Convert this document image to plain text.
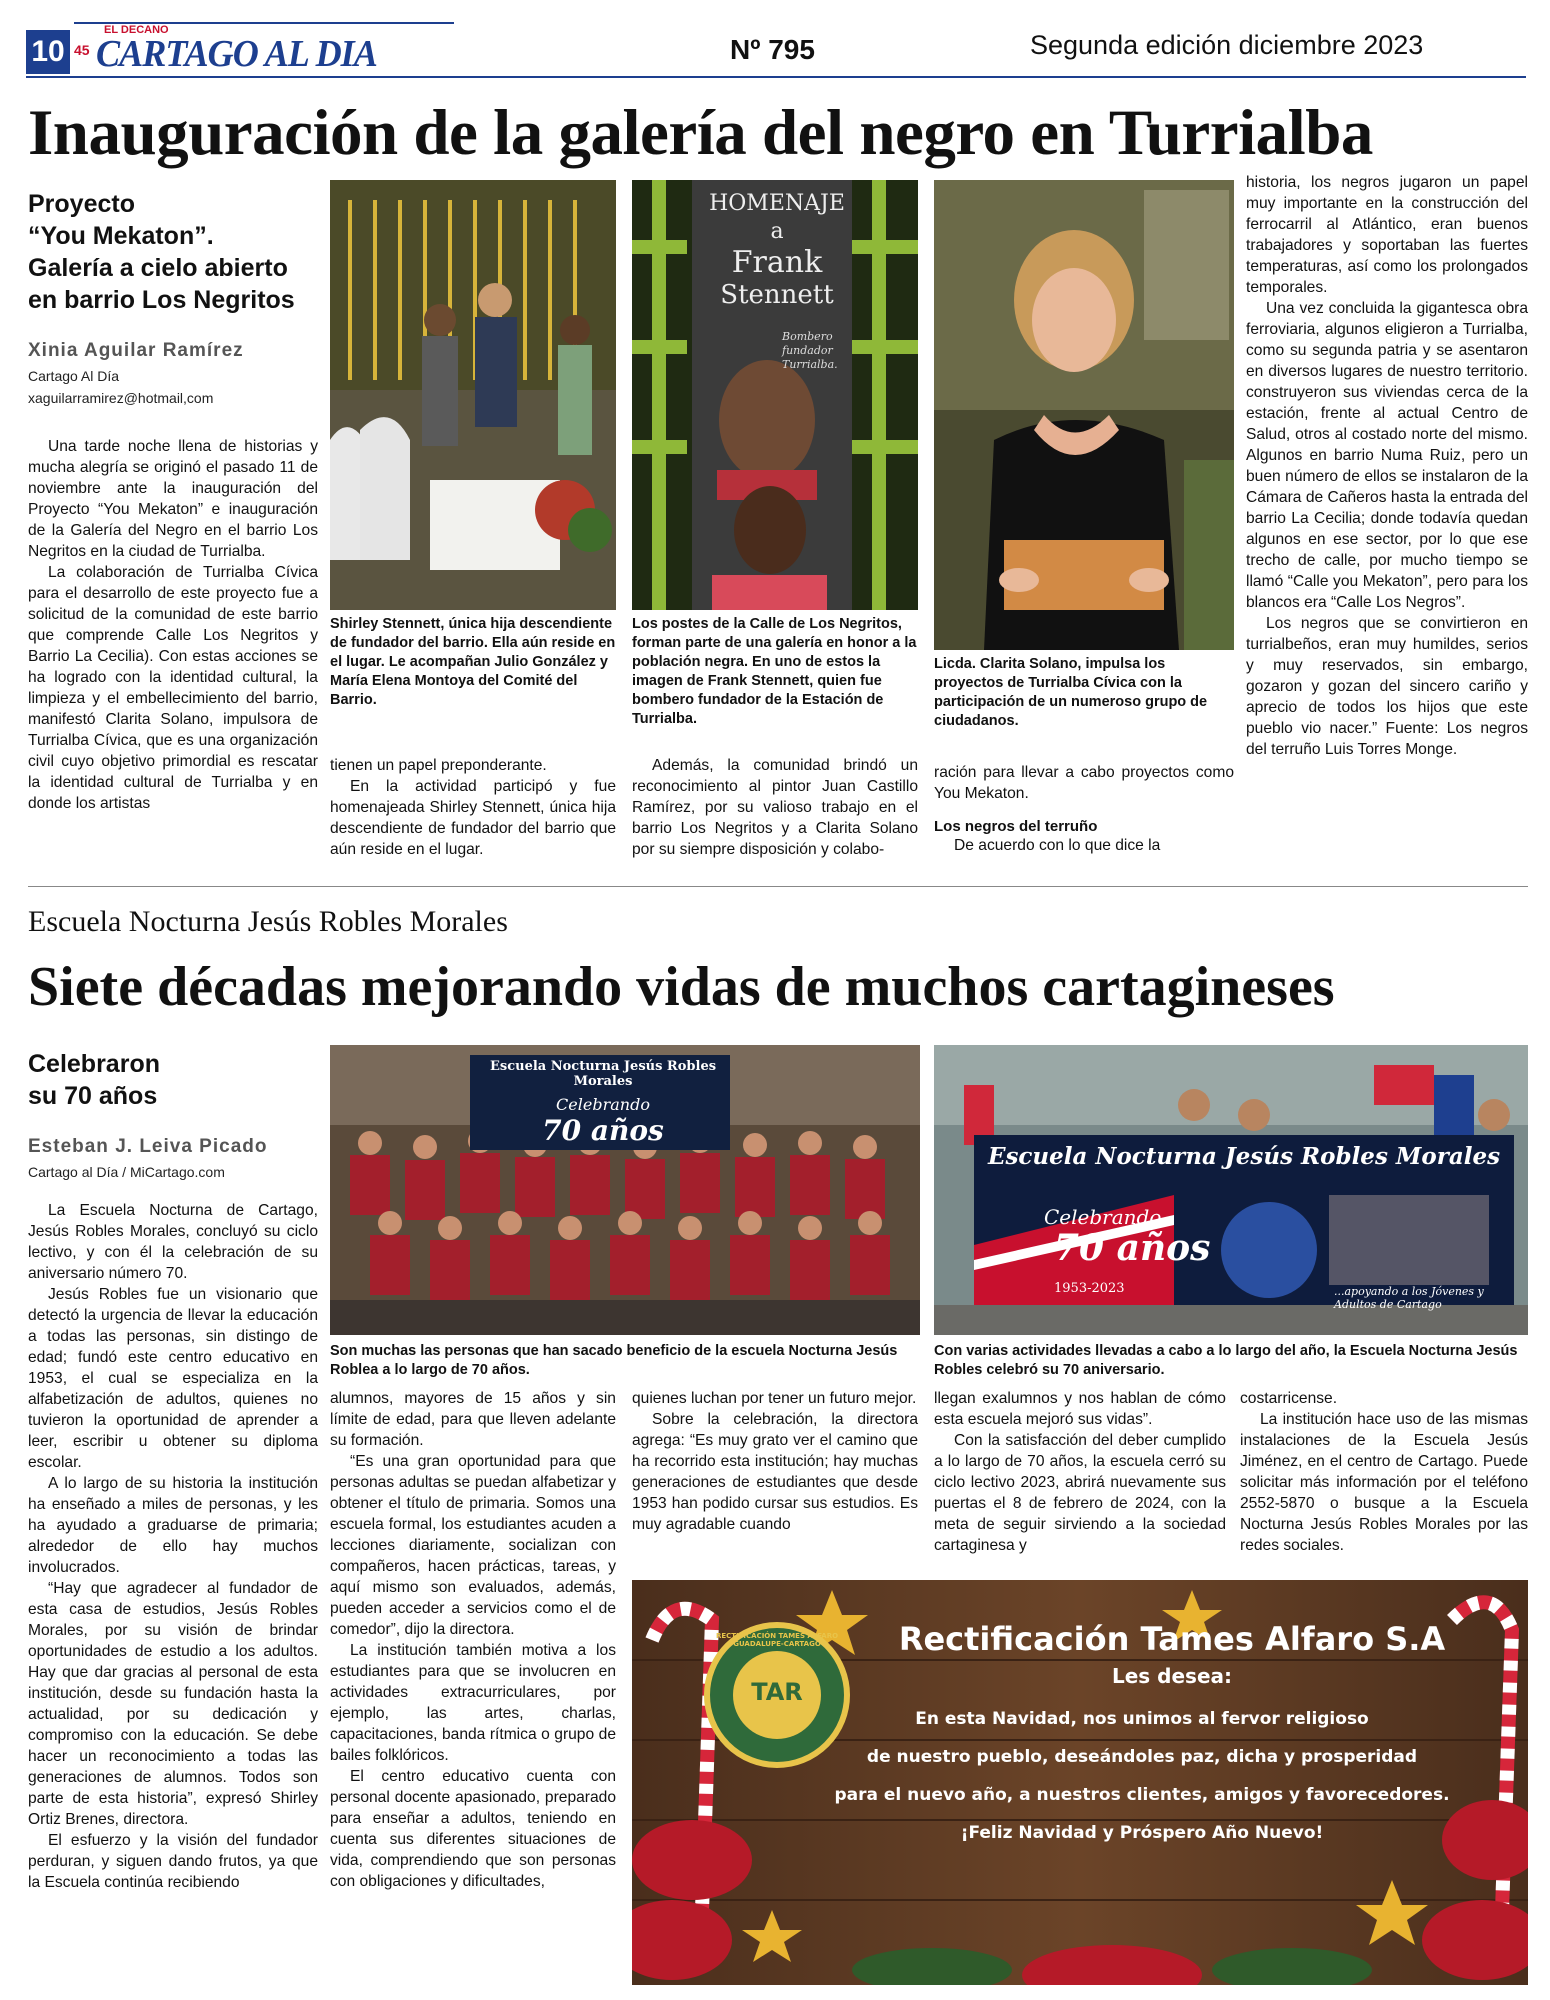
10
EL DECANO
45 CARTAGO AL DIA	Nº 795	Segunda edición diciembre 2023
Inauguración de la galería del negro en Turrialba
Proyecto
“You Mekaton”.
Galería a cielo abierto
en barrio Los Negritos
Xinia Aguilar Ramírez
Cartago Al Día
xaguilarramirez@hotmail,com

Una tarde noche llena de historias y mucha alegría se originó el pasado 11 de noviembre ante la inauguración del Proyecto “You Mekaton” e inauguración de la Galería del Negro en el barrio Los Negritos en la ciudad de Turrialba.

La colaboración de Turrialba Cívica para el desarrollo de este proyecto fue a solicitud de la comunidad de este barrio que comprende Calle Los Negritos y Barrio La Cecilia). Con estas acciones se ha logrado con la identidad cultural, la limpieza y el embellecimiento del barrio, manifestó Clarita Solano, impulsora de Turrialba Cívica, que es una organización civil cuyo objetivo primordial es rescatar la identidad cultural de Turrialba y en donde los artistas

Shirley Stennett, única hija descendiente de fundador del barrio. Ella aún reside en el lugar. Le acompañan Julio González y María Elena Montoya del Comité del Barrio.

tienen un papel preponderante.

En la actividad participó y fue homenajeada Shirley Stennett, única hija descendiente de fundador del barrio que aún reside en el lugar.

HOMENAJE
a
Frank
Stennett
Bombero
fundador
Turrialba.
Los postes de la Calle de Los Negritos, forman parte de una galería en honor a la población negra. En uno de estos la imagen de Frank Stennett, quien fue bombero fundador de la Estación de Turrialba.

Además, la comunidad brindó un reconocimiento al pintor Juan Castillo Ramírez, por su valioso trabajo en el barrio Los Negritos y a Clarita Solano por su siempre disposición y colabo-

Licda. Clarita Solano, impulsa los proyectos de Turrialba Cívica con la participación de un numeroso grupo de ciudadanos.

ración para llevar a cabo proyectos como You Mekaton.

Los negros del terruño

De acuerdo con lo que dice la

historia, los negros jugaron un papel muy importante en la construcción del ferrocarril al Atlántico, eran buenos trabajadores y soportaban las fuertes temperaturas, así como los prolongados temporales.

Una vez concluida la gigantesca obra ferroviaria, algunos eligieron a Turrialba, como su segunda patria y se asentaron en diversos lugares de nuestro territorio. construyeron sus viviendas cerca de la estación, frente al actual Centro de Salud, otros al costado norte del mismo. Algunos en barrio Numa Ruiz, pero un buen número de ellos se instalaron de la Cámara de Cañeros hasta la entrada del barrio La Cecilia; donde todavía quedan algunos en ese sector, por lo que ese trecho de calle, por mucho tiempo se llamó “Calle you Mekaton”, pero para los blancos era “Calle Los Negros”.

Los negros que se convirtieron en turrialbeños, eran muy humildes, serios y muy reservados, sin embargo, gozaron y gozan del sincero cariño y aprecio de todos los hijos que este pueblo vio nacer.” Fuente: Los negros del terruño Luis Torres Monge.

Escuela Nocturna Jesús Robles Morales
Siete décadas mejorando vidas de muchos cartagineses
Celebraron
su 70 años
Esteban J. Leiva Picado
Cartago al Día / MiCartago.com

La Escuela Nocturna de Cartago, Jesús Robles Morales, concluyó su ciclo lectivo, y con él la celebración de su aniversario número 70.

Jesús Robles fue un visionario que detectó la urgencia de llevar la educación a todas las personas, sin distingo de edad; fundó este centro educativo en 1953, el cual se especializa en la alfabetización de adultos, quienes no tuvieron la oportunidad de aprender a leer, escribir u obtener su diploma escolar.

A lo largo de su historia la institución ha enseñado a miles de personas, y les ha ayudado a graduarse de primaria; alrededor de ello hay muchos involucrados.

“Hay que agradecer al fundador de esta casa de estudios, Jesús Robles Morales, por su visión de brindar oportunidades de estudio a los adultos. Hay que dar gracias al personal de esta institución, desde su fundación hasta la actualidad, por su dedicación y compromiso con la educación. Se debe hacer un reconocimiento a todas las generaciones de alumnos. Todos son parte de esta historia”, expresó Shirley Ortiz Brenes, directora.

El esfuerzo y la visión del fundador perduran, y siguen dando frutos, ya que la Escuela continúa recibiendo

Escuela Nocturna Jesús Robles Morales
Celebrando
70 años
Son muchas las personas que han sacado beneficio de la escuela Nocturna Jesús Roblea a lo largo de 70 años.
Escuela Nocturna Jesús Robles Morales
Celebrando
70 años
1953-2023	...apoyando a los Jóvenes y Adultos de Cartago
Con varias actividades llevadas a cabo a lo largo del año, la Escuela Nocturna Jesús Robles celebró su 70 aniversario.

alumnos, mayores de 15 años y sin límite de edad, para que lleven adelante su formación.

“Es una gran oportunidad para que personas adultas se puedan alfabetizar y obtener el título de primaria. Somos una escuela formal, los estudiantes acuden a lecciones diariamente, socializan con compañeros, hacen prácticas, tareas, y aquí mismo son evaluados, además, pueden acceder a servicios como el de comedor”, dijo la directora.

La institución también motiva a los estudiantes para que se involucren en actividades extracurriculares, por ejemplo, las artes, charlas, capacitaciones, banda rítmica o grupo de bailes folklóricos.

El centro educativo cuenta con personal docente apasionado, preparado para enseñar a adultos, teniendo en cuenta sus diferentes situaciones de vida, comprendiendo que son personas con obligaciones y dificultades,

quienes luchan por tener un futuro mejor.

Sobre la celebración, la directora agrega: “Es muy grato ver el camino que ha recorrido esta institución; hay muchas generaciones de estudiantes que desde 1953 han podido cursar sus estudios. Es muy agradable cuando

llegan exalumnos y nos hablan de cómo esta escuela mejoró sus vidas”.

Con la satisfacción del deber cumplido a lo largo de 70 años, la escuela cerró su ciclo lectivo 2023, abrirá nuevamente sus puertas el 8 de febrero de 2024, con la meta de seguir sirviendo a la sociedad cartaginesa y

costarricense.

La institución hace uso de las mismas instalaciones de la Escuela Jesús Jiménez, en el centro de Cartago. Puede solicitar más información por el teléfono 2552-5870 o busque a la Escuela Nocturna Jesús Robles Morales por las redes sociales.

TAR
RECTIFICACIÓN TAMES ALFARO GUADALUPE-CARTAGO	Rectificación Tames Alfaro S.A
Les desea:
En esta Navidad, nos unimos al fervor religioso
de nuestro pueblo, deseándoles paz, dicha y prosperidad
para el nuevo año, a nuestros clientes, amigos y favorecedores.
¡Feliz Navidad y Próspero Año Nuevo!
